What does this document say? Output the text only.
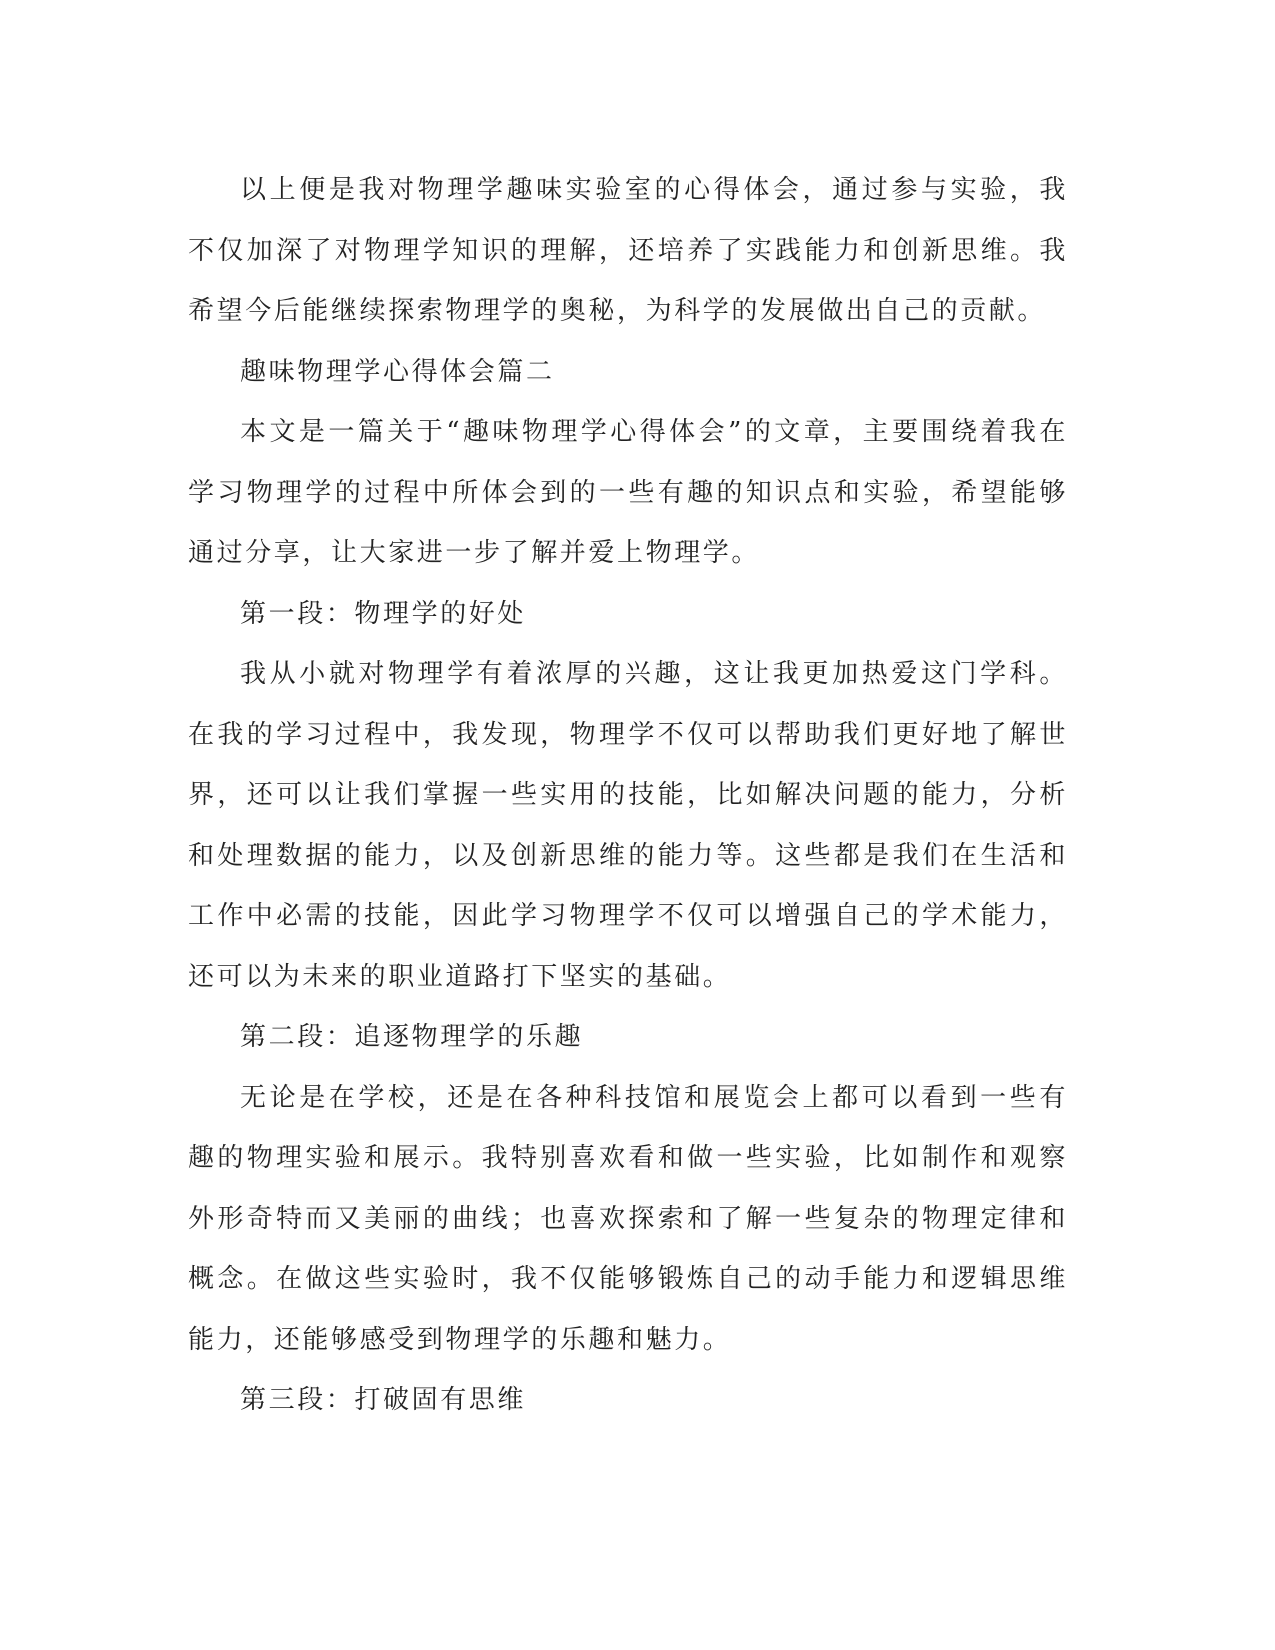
以上便是我对物理学趣味实验室的心得体会，通过参与实验，我不仅加深了对物理学知识的理解，还培养了实践能力和创新思维。我希望今后能继续探索物理学的奥秘，为科学的发展做出自己的贡献。

趣味物理学心得体会篇二

本文是一篇关于“趣味物理学心得体会”的文章，主要围绕着我在学习物理学的过程中所体会到的一些有趣的知识点和实验，希望能够通过分享，让大家进一步了解并爱上物理学。

第一段：物理学的好处

我从小就对物理学有着浓厚的兴趣，这让我更加热爱这门学科。在我的学习过程中，我发现，物理学不仅可以帮助我们更好地了解世界，还可以让我们掌握一些实用的技能，比如解决问题的能力，分析和处理数据的能力，以及创新思维的能力等。这些都是我们在生活和工作中必需的技能，因此学习物理学不仅可以增强自己的学术能力，还可以为未来的职业道路打下坚实的基础。

第二段：追逐物理学的乐趣

无论是在学校，还是在各种科技馆和展览会上都可以看到一些有趣的物理实验和展示。我特别喜欢看和做一些实验，比如制作和观察外形奇特而又美丽的曲线；也喜欢探索和了解一些复杂的物理定律和概念。在做这些实验时，我不仅能够锻炼自己的动手能力和逻辑思维能力，还能够感受到物理学的乐趣和魅力。

第三段：打破固有思维
